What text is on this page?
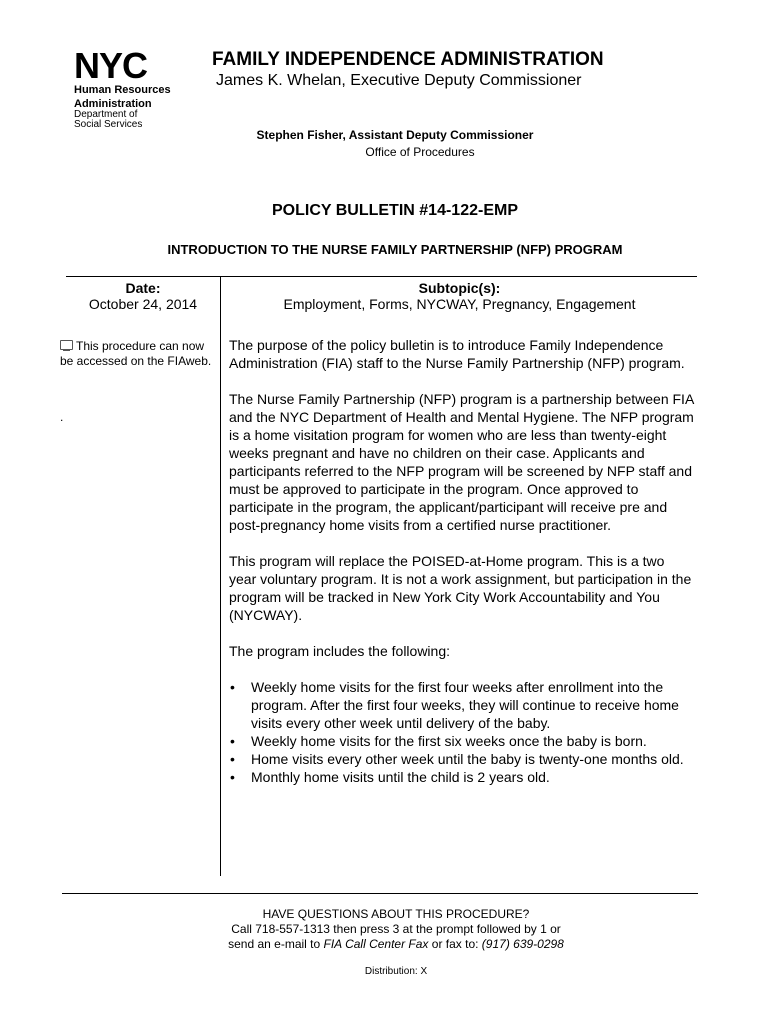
NYC
Human Resources
Administration
Department of
Social Services
FAMILY INDEPENDENCE ADMINISTRATION
James K. Whelan, Executive Deputy Commissioner
Stephen Fisher, Assistant Deputy Commissioner
Office of Procedures
POLICY BULLETIN #14-122-EMP
INTRODUCTION TO THE NURSE FAMILY PARTNERSHIP (NFP) PROGRAM
Date:
October 24, 2014
Subtopic(s):
Employment, Forms, NYCWAY, Pregnancy, Engagement
This procedure can now be accessed on the FIAweb.
.

The purpose of the policy bulletin is to introduce Family Independence Administration (FIA) staff to the Nurse Family Partnership (NFP) program.

The Nurse Family Partnership (NFP) program is a partnership between FIA and the NYC Department of Health and Mental Hygiene. The NFP program is a home visitation program for women who are less than twenty-eight weeks pregnant and have no children on their case. Applicants and participants referred to the NFP program will be screened by NFP staff and must be approved to participate in the program. Once approved to participate in the program, the applicant/participant will receive pre and post-pregnancy home visits from a certified nurse practitioner.

This program will replace the POISED-at-Home program. This is a two year voluntary program. It is not a work assignment, but participation in the program will be tracked in New York City Work Accountability and You (NYCWAY).

The program includes the following:

• Weekly home visits for the first four weeks after enrollment into the program. After the first four weeks, they will continue to receive home visits every other week until delivery of the baby.
• Weekly home visits for the first six weeks once the baby is born.
• Home visits every other week until the baby is twenty-one months old.
• Monthly home visits until the child is 2 years old.
HAVE QUESTIONS ABOUT THIS PROCEDURE?
Call 718-557-1313 then press 3 at the prompt followed by 1 or
send an e-mail to FIA Call Center Fax or fax to: (917) 639-0298
Distribution: X
